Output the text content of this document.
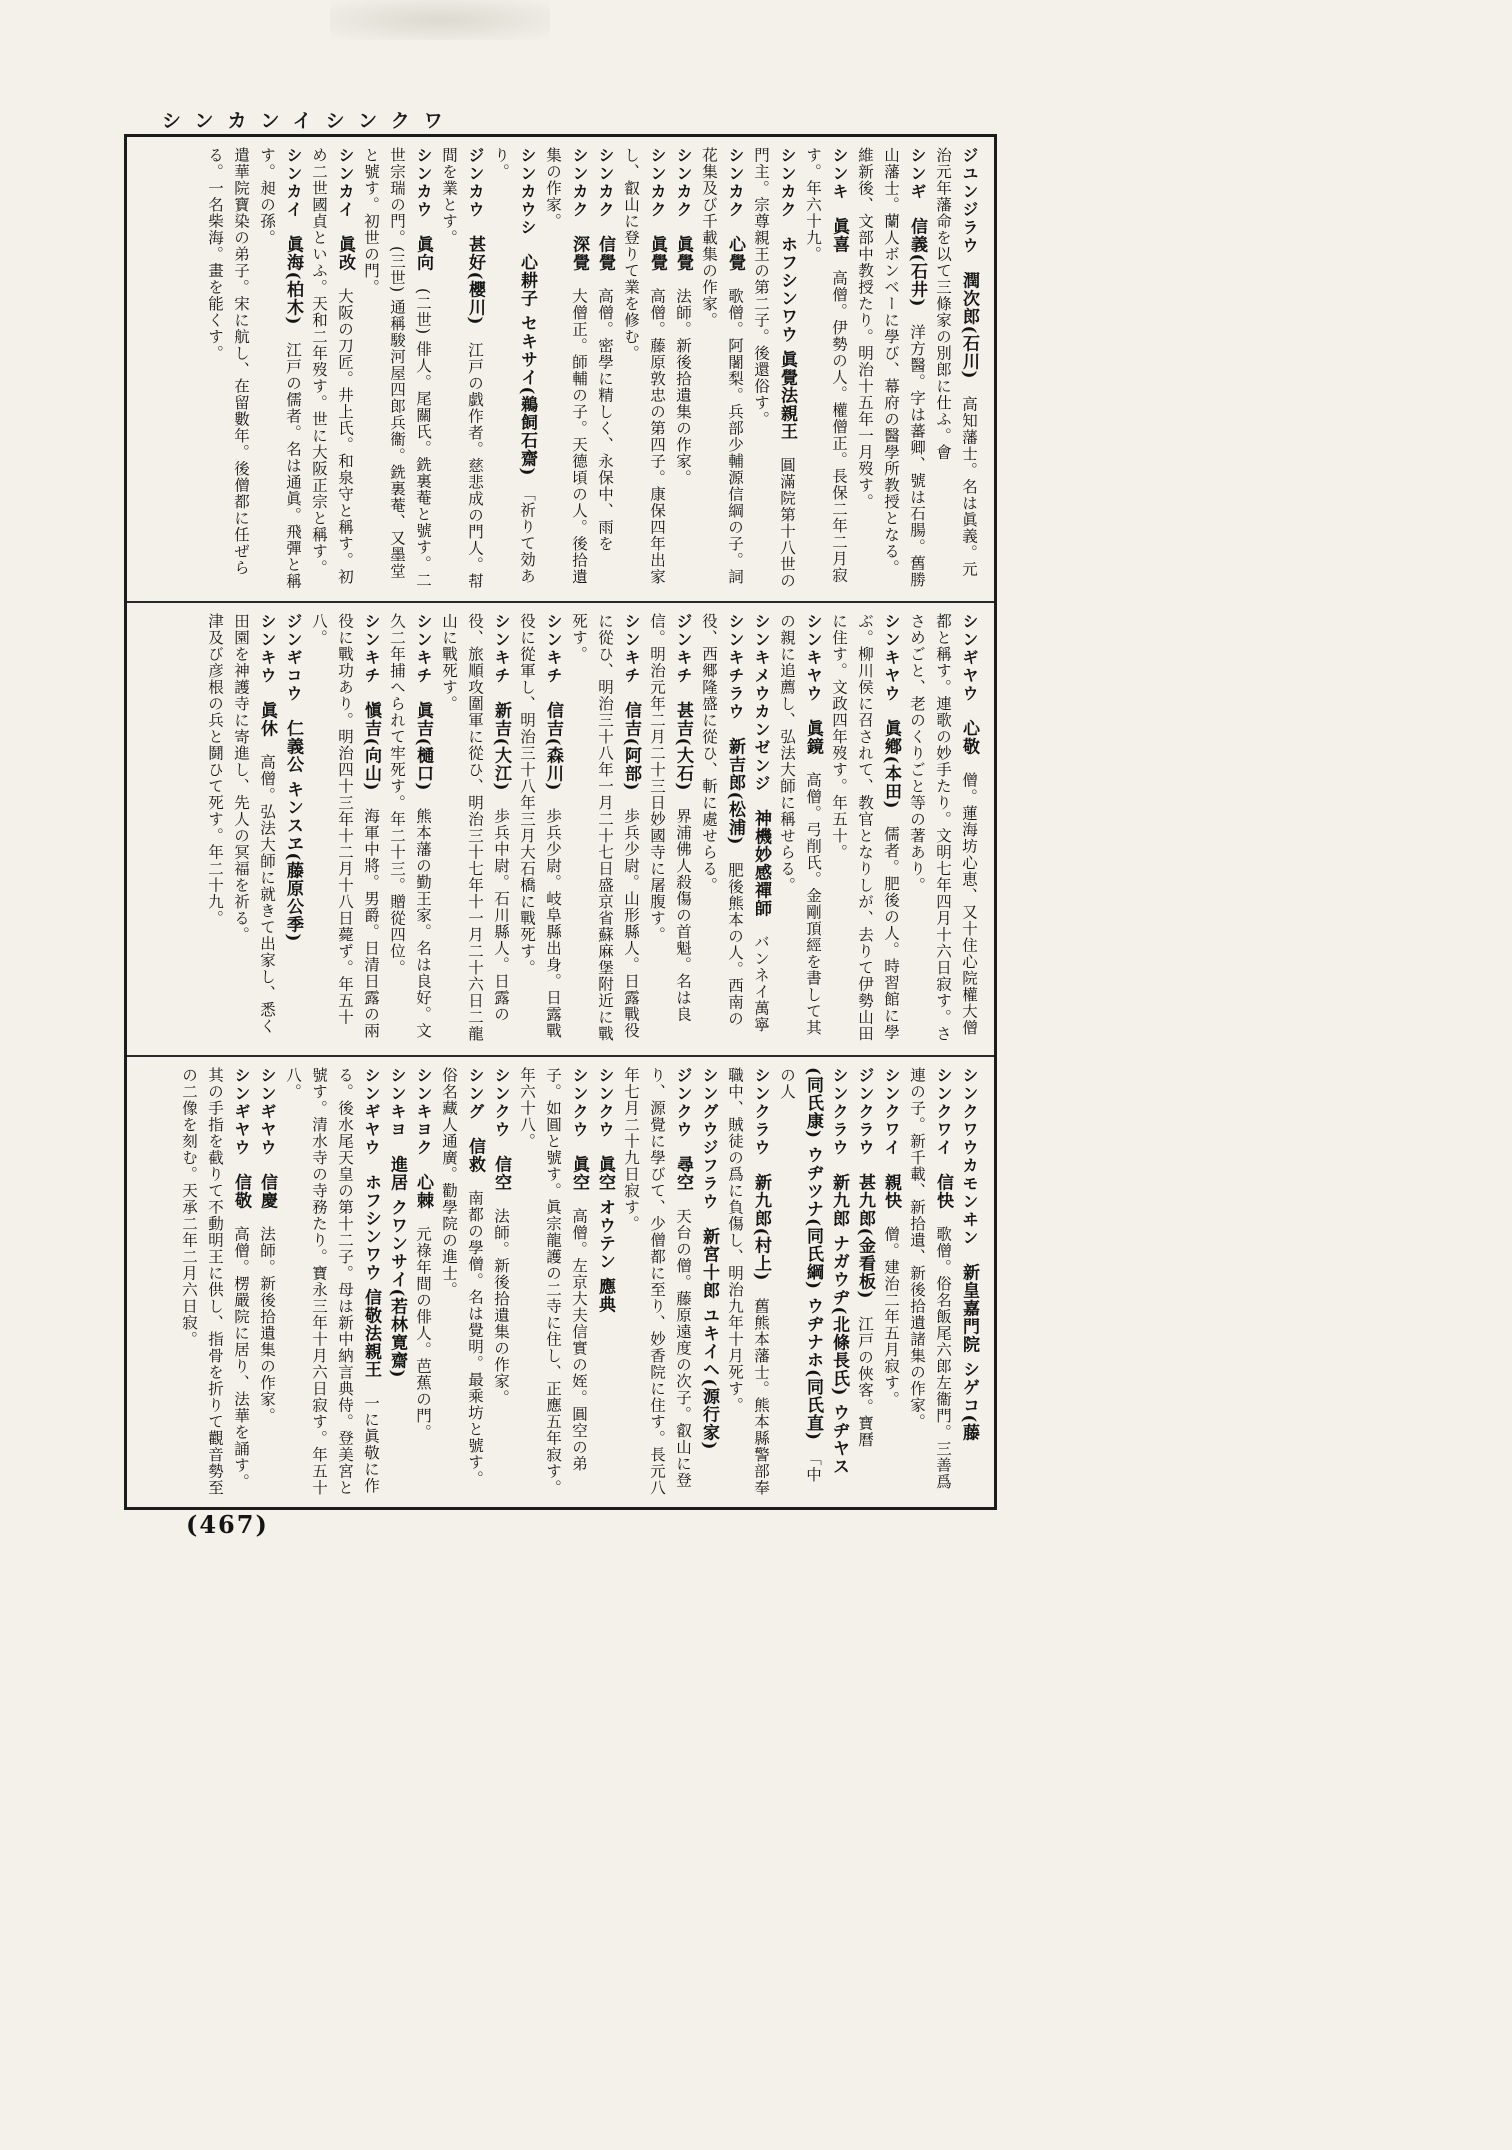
シンカンイシンクワ
遣華院寶染の弟子。宋に航し、在留數年。後僧都に任ぜらる。一名柴海。畫を能くす。	シンカイ　眞海(柏木)　江戸の儒者。名は通眞。飛彈と稱す。昶の孫。	シンカイ　眞改　大阪の刀匠。井上氏。和泉守と稱す。初め二世國貞といふ。天和二年歿す。世に大阪正宗と稱す。	シンカウ　眞向　(二世) 俳人。尾關氏。銑裏菴と號す。二世宗瑞の門。(三世) 通稱駿河屋四郎兵衞。銑裏菴、又墨堂と號す。初世の門。	ジンカウ　甚好(櫻川)　江戸の戯作者。慈悲成の門人。幇間を業とす。	シンカウシ　心耕子 セキサイ(鵜飼石齋)　「祈りて効あり。	シンカク　深覺　大僧正。師輔の子。天德頃の人。後拾遺集の作家。	シンカク　信覺　高僧。密學に精しく、永保中、雨を
シンカク　眞覺　高僧。藤原敦忠の第四子。康保四年出家し、叡山に登りて業を修む。	シンカク　眞覺　法師。新後拾遺集の作家。
シンカク　心覺　歌僧。阿闍梨。兵部少輔源信綱の子。詞花集及び千載集の作家。	シンカク　ホフシンワウ 眞覺法親王　圓滿院第十八世の門主。宗尊親王の第二子。後還俗す。	シンキ　眞喜　高僧。伊勢の人。權僧正。長保二年二月寂す。年六十九。	シンギ　信義(石井)　洋方醫。字は蕃卿、號は石腸。舊勝山藩士。蘭人ボンベーに學び、幕府の醫學所教授となる。維新後、文部中教授たり。明治十五年一月歿す。	ジユンジラウ　潤次郎(石川)　高知藩士。名は眞義。元治元年藩命を以て三條家の別郎に仕ふ。會
津及び彦根の兵と鬪ひて死す。年二十九。	シンキウ　眞休　高僧。弘法大師に就きて出家し、悉く田園を神護寺に寄進し、先人の冥福を祈る。	ジンギコウ　仁義公 キンスヱ(藤原公季)　
シンキチ　愼吉(向山)　海軍中將。男爵。日清日露の兩役に戰功あり。明治四十三年十二月十八日薨ず。年五十八。	シンキチ　眞吉(樋口)　熊本藩の勤王家。名は良好。文久二年捕へられて牢死す。年二十三。贈從四位。	シンキチ　新吉(大江)　歩兵中尉。石川縣人。日露の役、旅順攻圍軍に從ひ、明治三十七年十一月二十六日二龍山に戰死す。	シンキチ　信吉(森川)　歩兵少尉。岐阜縣出身。日露戰役に從軍し、明治三十八年三月大石橋に戰死す。	シンキチ　信吉(阿部)　歩兵少尉。山形縣人。日露戰役に從ひ、明治三十八年一月二十七日盛京省蘇麻堡附近に戰死す。	ジンキチ　甚吉(大石)　界浦佛人殺傷の首魁。名は良信。明治元年二月二十三日妙國寺に屠腹す。	シンキチラウ　新吉郎(松浦)　肥後熊本の人。西南の役、西郷隆盛に從ひ、斬に處せらる。	シンキメウカンゼンジ　神機妙感禪師　バンネイ萬寧
シンキヤウ　眞鏡　高僧。弓削氏。金剛頂經を書して其の親に追薦し、弘法大師に稱せらる。	シンキヤウ　眞鄕(本田)　儒者。肥後の人。時習館に學ぶ。柳川侯に召されて、教官となりしが、去りて伊勢山田に住す。文政四年歿す。年五十。	シンギヤウ　心敬　僧。蓮海坊心恵、又十住心院權大僧都と稱す。連歌の妙手たり。文明七年四月十六日寂す。ささめごと、老のくりごと等の著あり。
シンギヤウ　信敬　高僧。楞嚴院に居り、法華を誦す。其の手指を截りて不動明王に供し、指骨を折りて觀音勢至の二像を刻む。天承二年二月六日寂。	シンギヤウ　信慶　法師。新後拾遺集の作家。
シンギヤウ　ホフシンワウ 信敬法親王　一に眞敬に作る。後水尾天皇の第十二子。母は新中納言典侍。登美宮と號す。清水寺の寺務たり。寶永三年十月六日寂す。年五十八。	シンキヨ　進居 クワンサイ(若林寛齋)　
シンキヨク　心棘　元祿年間の俳人。芭蕉の門。
シング　信救　南都の學僧。名は覺明。最乘坊と號す。俗名藏人通廣。勸學院の進士。	シンクウ　信空　法師。新後拾遺集の作家。
シンクウ　眞空　高僧。左京大夫信實の姪。圓空の弟子。如圓と號す。眞宗龍護の二寺に住し、正應五年寂す。年六十八。	シンクウ　眞空 オウテン 應典　
ジンクウ　尋空　天台の僧。藤原遠度の次子。叡山に登り、源覺に學びて、少僧都に至り、妙香院に住す。長元八年七月二十九日寂す。	シングウジフラウ　新宮十郎 ユキイヘ(源行家)　
シンクラウ　新九郎(村上)　舊熊本藩士。熊本縣警部奉職中、賊徒の爲に負傷し、明治九年十月死す。	シンクラウ　新九郎 ナガウヂ(北條長氏) ウヂヤス(同氏康) ウヂツナ(同氏綱) ウヂナホ(同氏直)　「中の人	ジンクラウ　甚九郎(金看板)　江戸の俠客。寶曆
シンクワイ　親快　僧。建治二年五月寂す。
シンクワイ　信快　歌僧。俗名飯尾六郎左衞門。三善爲連の子。新千載、新拾遺、新後拾遺諸集の作家。	シンクワウカモンヰン　新皇嘉門院 シゲコ(藤　
(467)
